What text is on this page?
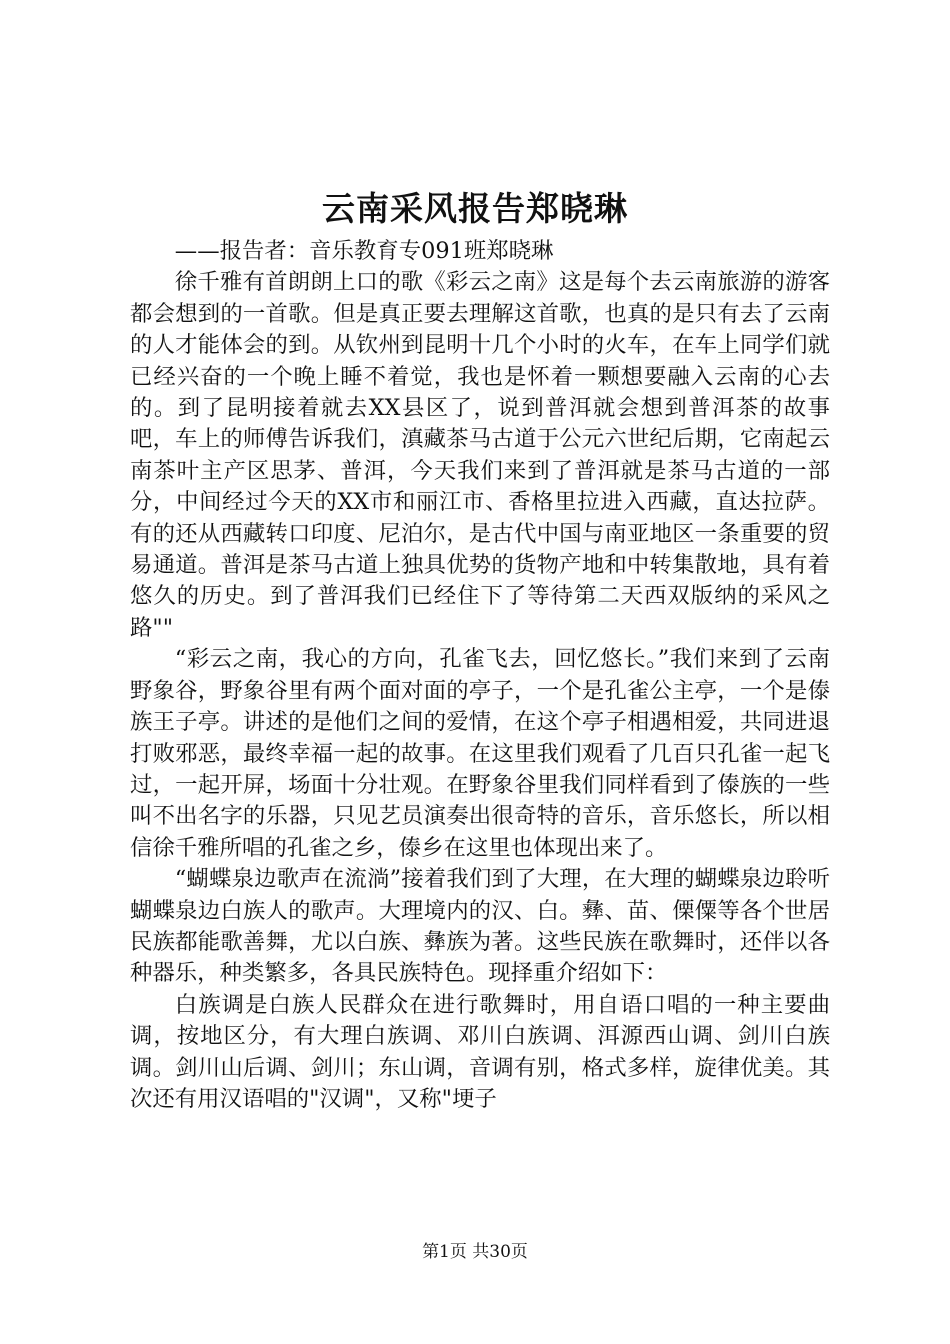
云南采风报告郑晓琳

——报告者：音乐教育专091班郑晓琳

徐千雅有首朗朗上口的歌《彩云之南》这是每个去云南旅游的游客都会想到的一首歌。但是真正要去理解这首歌，也真的是只有去了云南的人才能体会的到。从钦州到昆明十几个小时的火车，在车上同学们就已经兴奋的一个晚上睡不着觉，我也是怀着一颗想要融入云南的心去的。到了昆明接着就去XX县区了，说到普洱就会想到普洱茶的故事吧，车上的师傅告诉我们，滇藏茶马古道于公元六世纪后期，它南起云南茶叶主产区思茅、普洱，今天我们来到了普洱就是茶马古道的一部分，中间经过今天的XX市和丽江市、香格里拉进入西藏，直达拉萨。有的还从西藏转口印度、尼泊尔，是古代中国与南亚地区一条重要的贸易通道。普洱是茶马古道上独具优势的货物产地和中转集散地，具有着悠久的历史。到了普洱我们已经住下了等待第二天西双版纳的采风之路""

“彩云之南，我心的方向，孔雀飞去，回忆悠长。”我们来到了云南野象谷，野象谷里有两个面对面的亭子，一个是孔雀公主亭，一个是傣族王子亭。讲述的是他们之间的爱情，在这个亭子相遇相爱，共同进退打败邪恶，最终幸福一起的故事。在这里我们观看了几百只孔雀一起飞过，一起开屏，场面十分壮观。在野象谷里我们同样看到了傣族的一些叫不出名字的乐器，只见艺员演奏出很奇特的音乐，音乐悠长，所以相信徐千雅所唱的孔雀之乡，傣乡在这里也体现出来了。

“蝴蝶泉边歌声在流淌”接着我们到了大理，在大理的蝴蝶泉边聆听蝴蝶泉边白族人的歌声。大理境内的汉、白。彝、苗、傈僳等各个世居民族都能歌善舞，尤以白族、彝族为著。这些民族在歌舞时，还伴以各种器乐，种类繁多，各具民族特色。现择重介绍如下：

白族调是白族人民群众在进行歌舞时，用自语口唱的一种主要曲调，按地区分，有大理白族调、邓川白族调、洱源西山调、剑川白族调。剑川山后调、剑川；东山调，音调有别，格式多样，旋律优美。其次还有用汉语唱的"汉调"，又称"埂子

第1页 共30页
